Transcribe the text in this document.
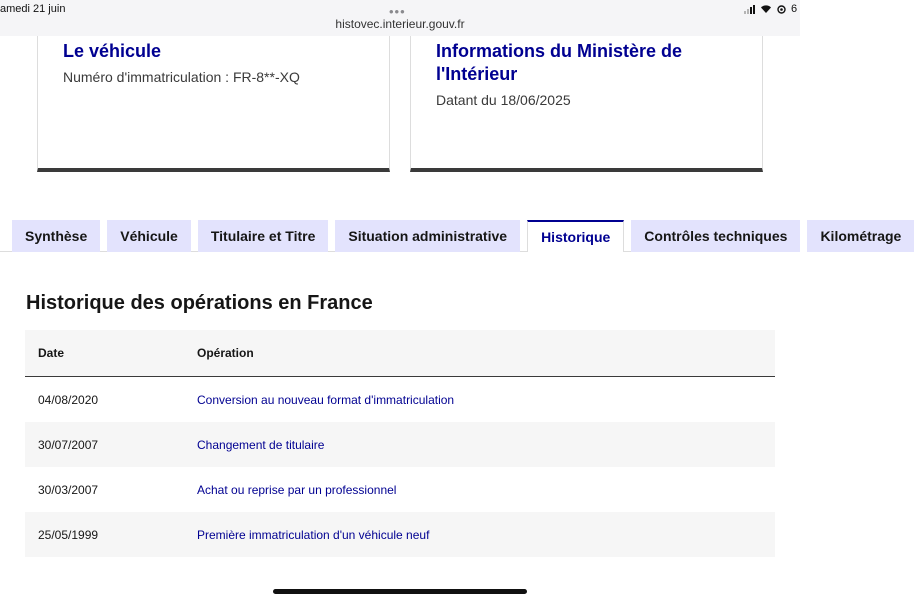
amedi 21 juin	•••
histovec.interieur.gouv.fr
6
Le véhicule
Numéro d'immatriculation : FR-8**-XQ
Informations du Ministère de l'Intérieur
Datant du 18/06/2025
Synthèse	Véhicule	Titulaire et Titre	Situation administrative	Historique	Contrôles techniques	Kilométrage
Historique des opérations en France
Date	Opération
04/08/2020	Conversion au nouveau format d'immatriculation
30/07/2007	Changement de titulaire
30/03/2007	Achat ou reprise par un professionnel
25/05/1999	Première immatriculation d'un véhicule neuf
